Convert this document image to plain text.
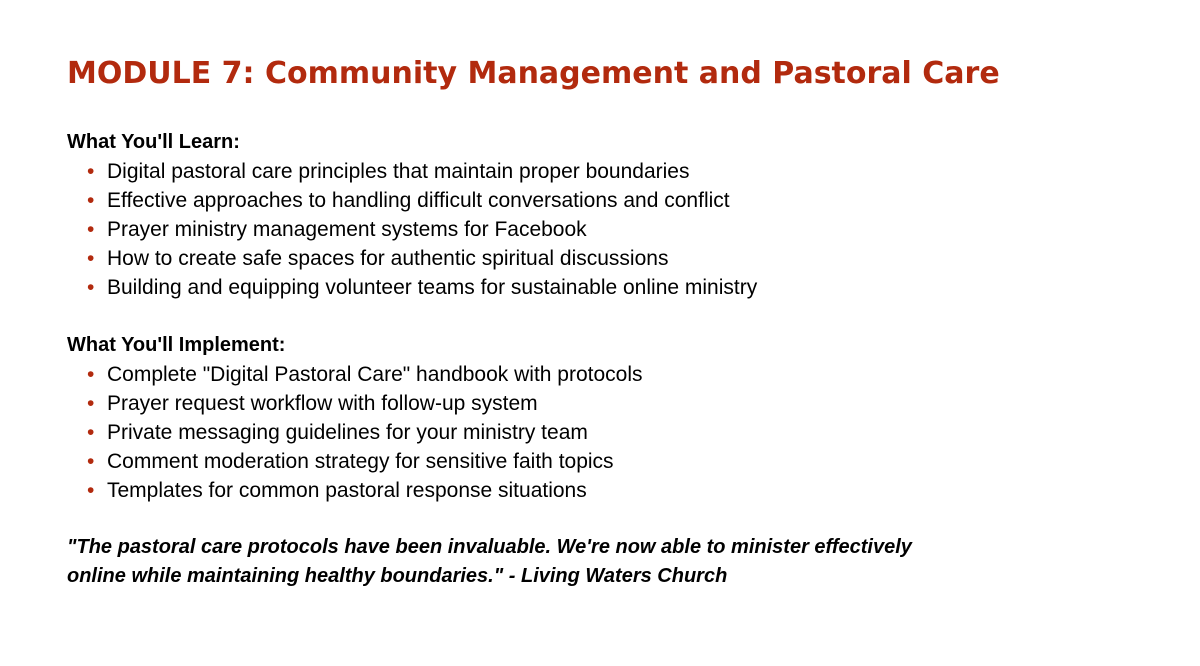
MODULE 7: Community Management and Pastoral Care
What You'll Learn:
• Digital pastoral care principles that maintain proper boundaries
• Effective approaches to handling difficult conversations and conflict
• Prayer ministry management systems for Facebook
• How to create safe spaces for authentic spiritual discussions
• Building and equipping volunteer teams for sustainable online ministry
What You'll Implement:
• Complete "Digital Pastoral Care" handbook with protocols
• Prayer request workflow with follow-up system
• Private messaging guidelines for your ministry team
• Comment moderation strategy for sensitive faith topics
• Templates for common pastoral response situations

"The pastoral care protocols have been invaluable. We're now able to minister effectively
online while maintaining healthy boundaries." - Living Waters Church
